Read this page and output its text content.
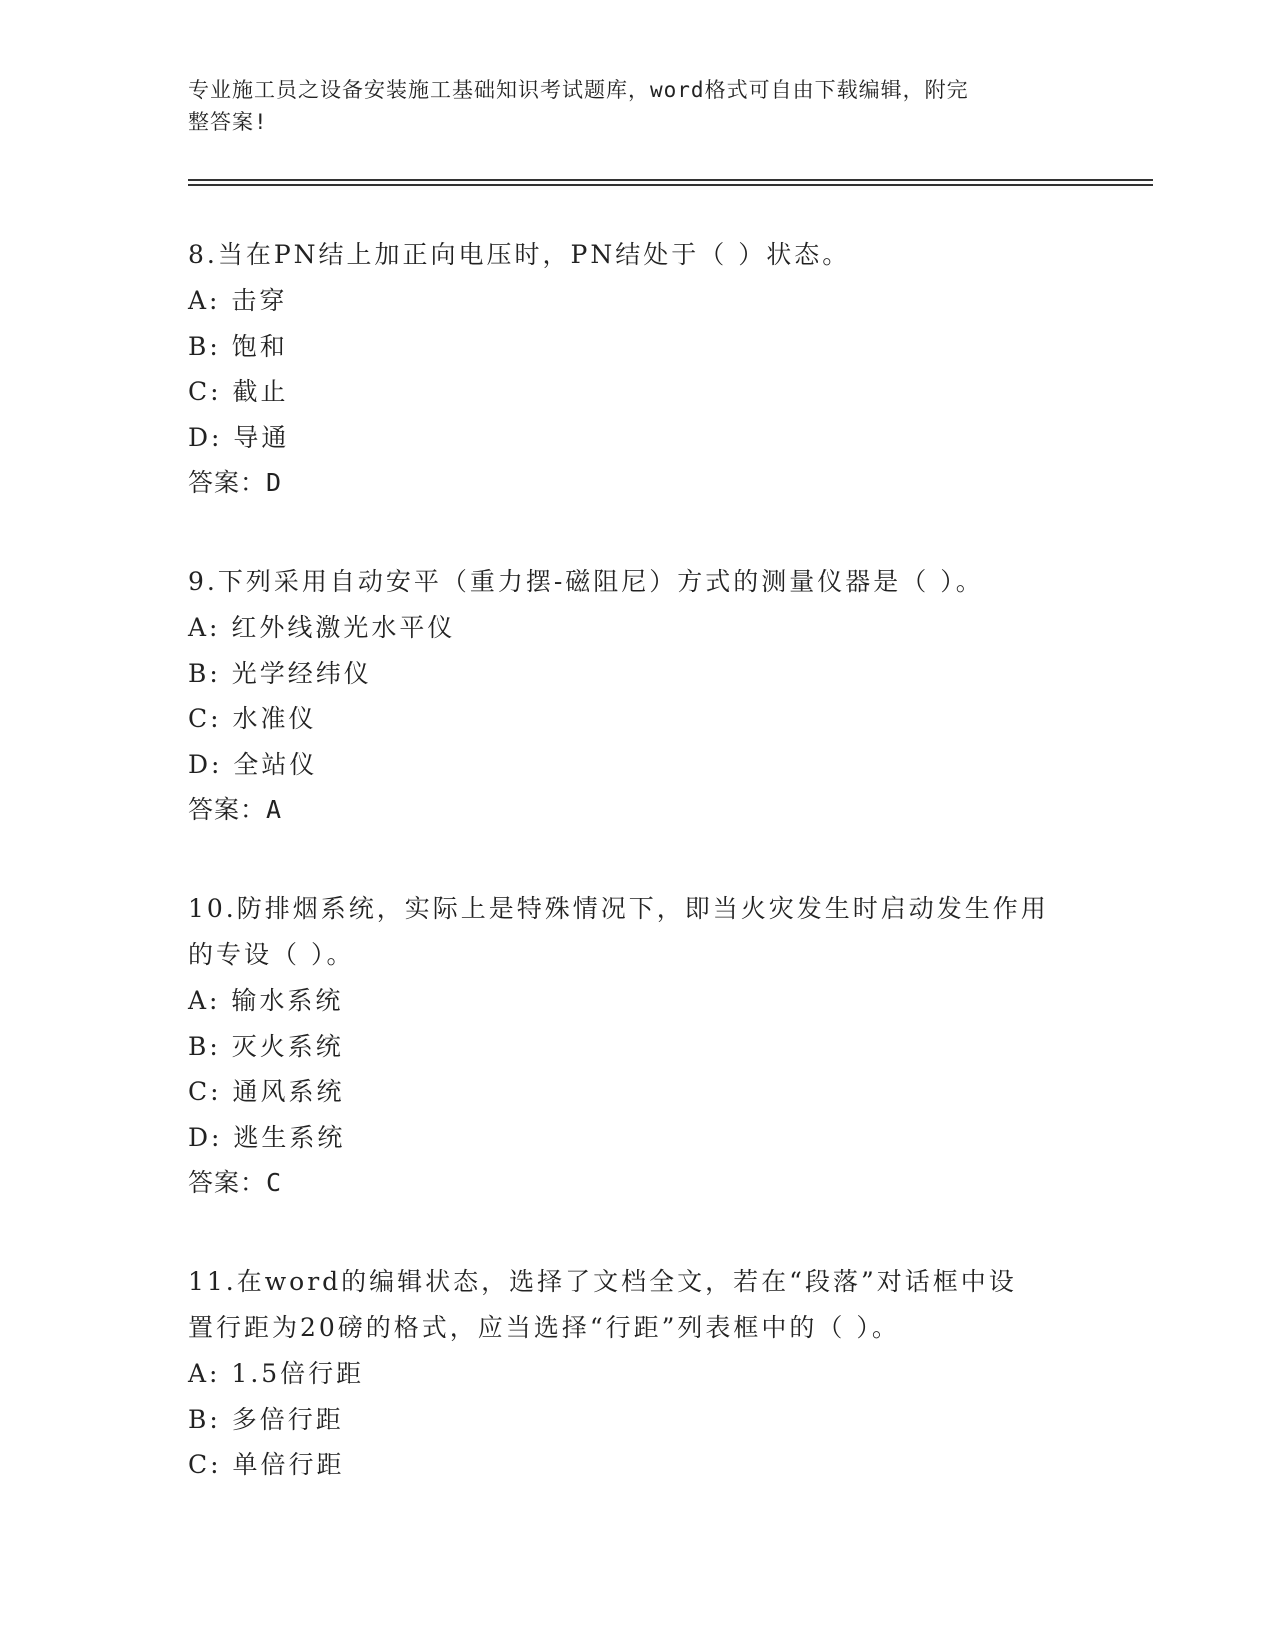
专业施工员之设备安装施工基础知识考试题库，word格式可自由下载编辑，附完
整答案!
8.当在PN结上加正向电压时，PN结处于（ ）状态。
A: 击穿
B: 饱和
C: 截止
D: 导通
答案：D
9.下列采用自动安平（重力摆-磁阻尼）方式的测量仪器是（ ）。
A: 红外线激光水平仪
B: 光学经纬仪
C: 水准仪
D: 全站仪
答案：A
10.防排烟系统，实际上是特殊情况下，即当火灾发生时启动发生作用
的专设（ ）。
A: 输水系统
B: 灭火系统
C: 通风系统
D: 逃生系统
答案：C
11.在word的编辑状态，选择了文档全文，若在“段落”对话框中设
置行距为20磅的格式，应当选择“行距”列表框中的（ ）。
A: 1.5倍行距
B: 多倍行距
C: 单倍行距
